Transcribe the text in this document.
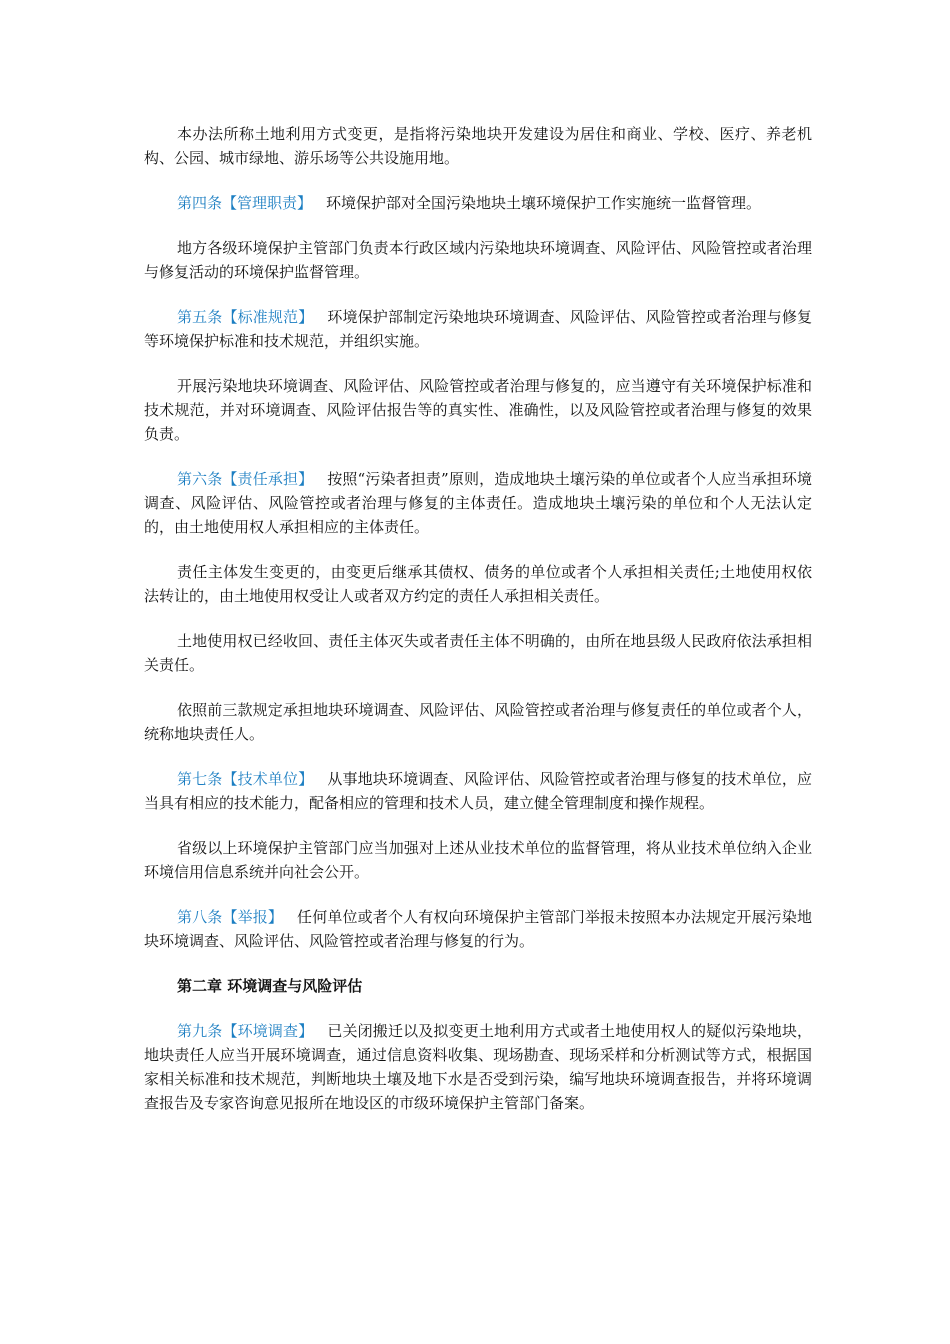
本办法所称土地利用方式变更，是指将污染地块开发建设为居住和商业、学校、医疗、养老机构、公园、城市绿地、游乐场等公共设施用地。

第四条【管理职责】 环境保护部对全国污染地块土壤环境保护工作实施统一监督管理。

地方各级环境保护主管部门负责本行政区域内污染地块环境调查、风险评估、风险管控或者治理与修复活动的环境保护监督管理。

第五条【标准规范】 环境保护部制定污染地块环境调查、风险评估、风险管控或者治理与修复等环境保护标准和技术规范，并组织实施。

开展污染地块环境调查、风险评估、风险管控或者治理与修复的，应当遵守有关环境保护标准和技术规范，并对环境调查、风险评估报告等的真实性、准确性，以及风险管控或者治理与修复的效果负责。

第六条【责任承担】 按照“污染者担责”原则，造成地块土壤污染的单位或者个人应当承担环境调查、风险评估、风险管控或者治理与修复的主体责任。造成地块土壤污染的单位和个人无法认定的，由土地使用权人承担相应的主体责任。

责任主体发生变更的，由变更后继承其债权、债务的单位或者个人承担相关责任;土地使用权依法转让的，由土地使用权受让人或者双方约定的责任人承担相关责任。

土地使用权已经收回、责任主体灭失或者责任主体不明确的，由所在地县级人民政府依法承担相关责任。

依照前三款规定承担地块环境调查、风险评估、风险管控或者治理与修复责任的单位或者个人，统称地块责任人。

第七条【技术单位】 从事地块环境调查、风险评估、风险管控或者治理与修复的技术单位，应当具有相应的技术能力，配备相应的管理和技术人员，建立健全管理制度和操作规程。

省级以上环境保护主管部门应当加强对上述从业技术单位的监督管理，将从业技术单位纳入企业环境信用信息系统并向社会公开。

第八条【举报】 任何单位或者个人有权向环境保护主管部门举报未按照本办法规定开展污染地块环境调查、风险评估、风险管控或者治理与修复的行为。

第二章 环境调查与风险评估

第九条【环境调查】 已关闭搬迁以及拟变更土地利用方式或者土地使用权人的疑似污染地块，地块责任人应当开展环境调查，通过信息资料收集、现场勘查、现场采样和分析测试等方式，根据国家相关标准和技术规范，判断地块土壤及地下水是否受到污染，编写地块环境调查报告，并将环境调查报告及专家咨询意见报所在地设区的市级环境保护主管部门备案。
